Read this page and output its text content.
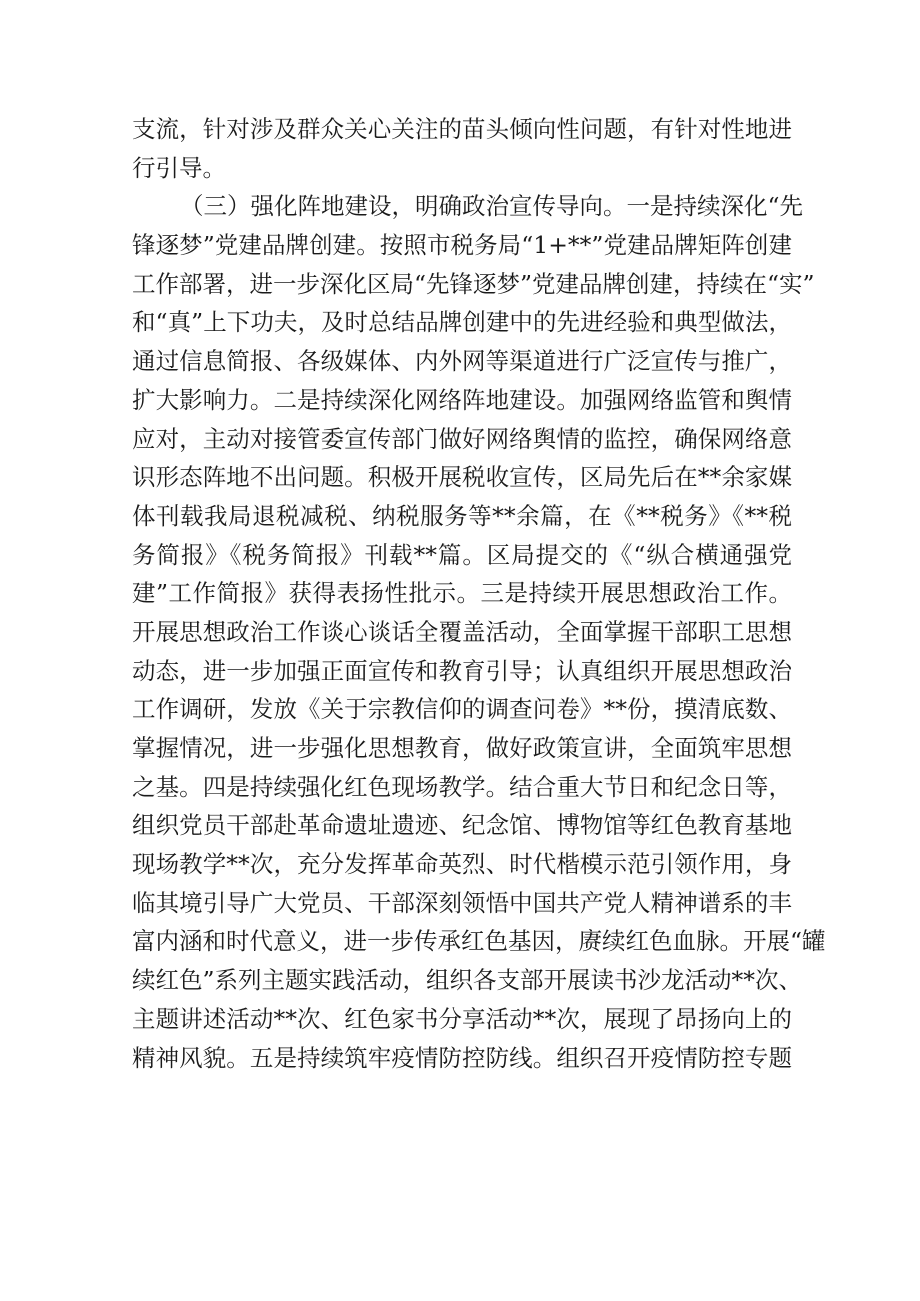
支流，针对涉及群众关心关注的苗头倾向性问题，有针对性地进
行引导。
（三）强化阵地建设，明确政治宣传导向。一是持续深化“先
锋逐梦”党建品牌创建。按照市税务局“1+**”党建品牌矩阵创建
工作部署，进一步深化区局“先锋逐梦”党建品牌创建，持续在“实”
和“真”上下功夫，及时总结品牌创建中的先进经验和典型做法，
通过信息简报、各级媒体、内外网等渠道进行广泛宣传与推广，
扩大影响力。二是持续深化网络阵地建设。加强网络监管和舆情
应对，主动对接管委宣传部门做好网络舆情的监控，确保网络意
识形态阵地不出问题。积极开展税收宣传，区局先后在**余家媒
体刊载我局退税减税、纳税服务等**余篇，在《**税务》《**税
务简报》《税务简报》刊载**篇。区局提交的《“纵合横通强党
建”工作简报》获得表扬性批示。三是持续开展思想政治工作。
开展思想政治工作谈心谈话全覆盖活动，全面掌握干部职工思想
动态，进一步加强正面宣传和教育引导；认真组织开展思想政治
工作调研，发放《关于宗教信仰的调查问卷》**份，摸清底数、
掌握情况，进一步强化思想教育，做好政策宣讲，全面筑牢思想
之基。四是持续强化红色现场教学。结合重大节日和纪念日等，
组织党员干部赴革命遗址遗迹、纪念馆、博物馆等红色教育基地
现场教学**次，充分发挥革命英烈、时代楷模示范引领作用，身
临其境引导广大党员、干部深刻领悟中国共产党人精神谱系的丰
富内涵和时代意义，进一步传承红色基因，赓续红色血脉。开展“罐
续红色”系列主题实践活动，组织各支部开展读书沙龙活动**次、
主题讲述活动**次、红色家书分享活动**次，展现了昂扬向上的
精神风貌。五是持续筑牢疫情防控防线。组织召开疫情防控专题
